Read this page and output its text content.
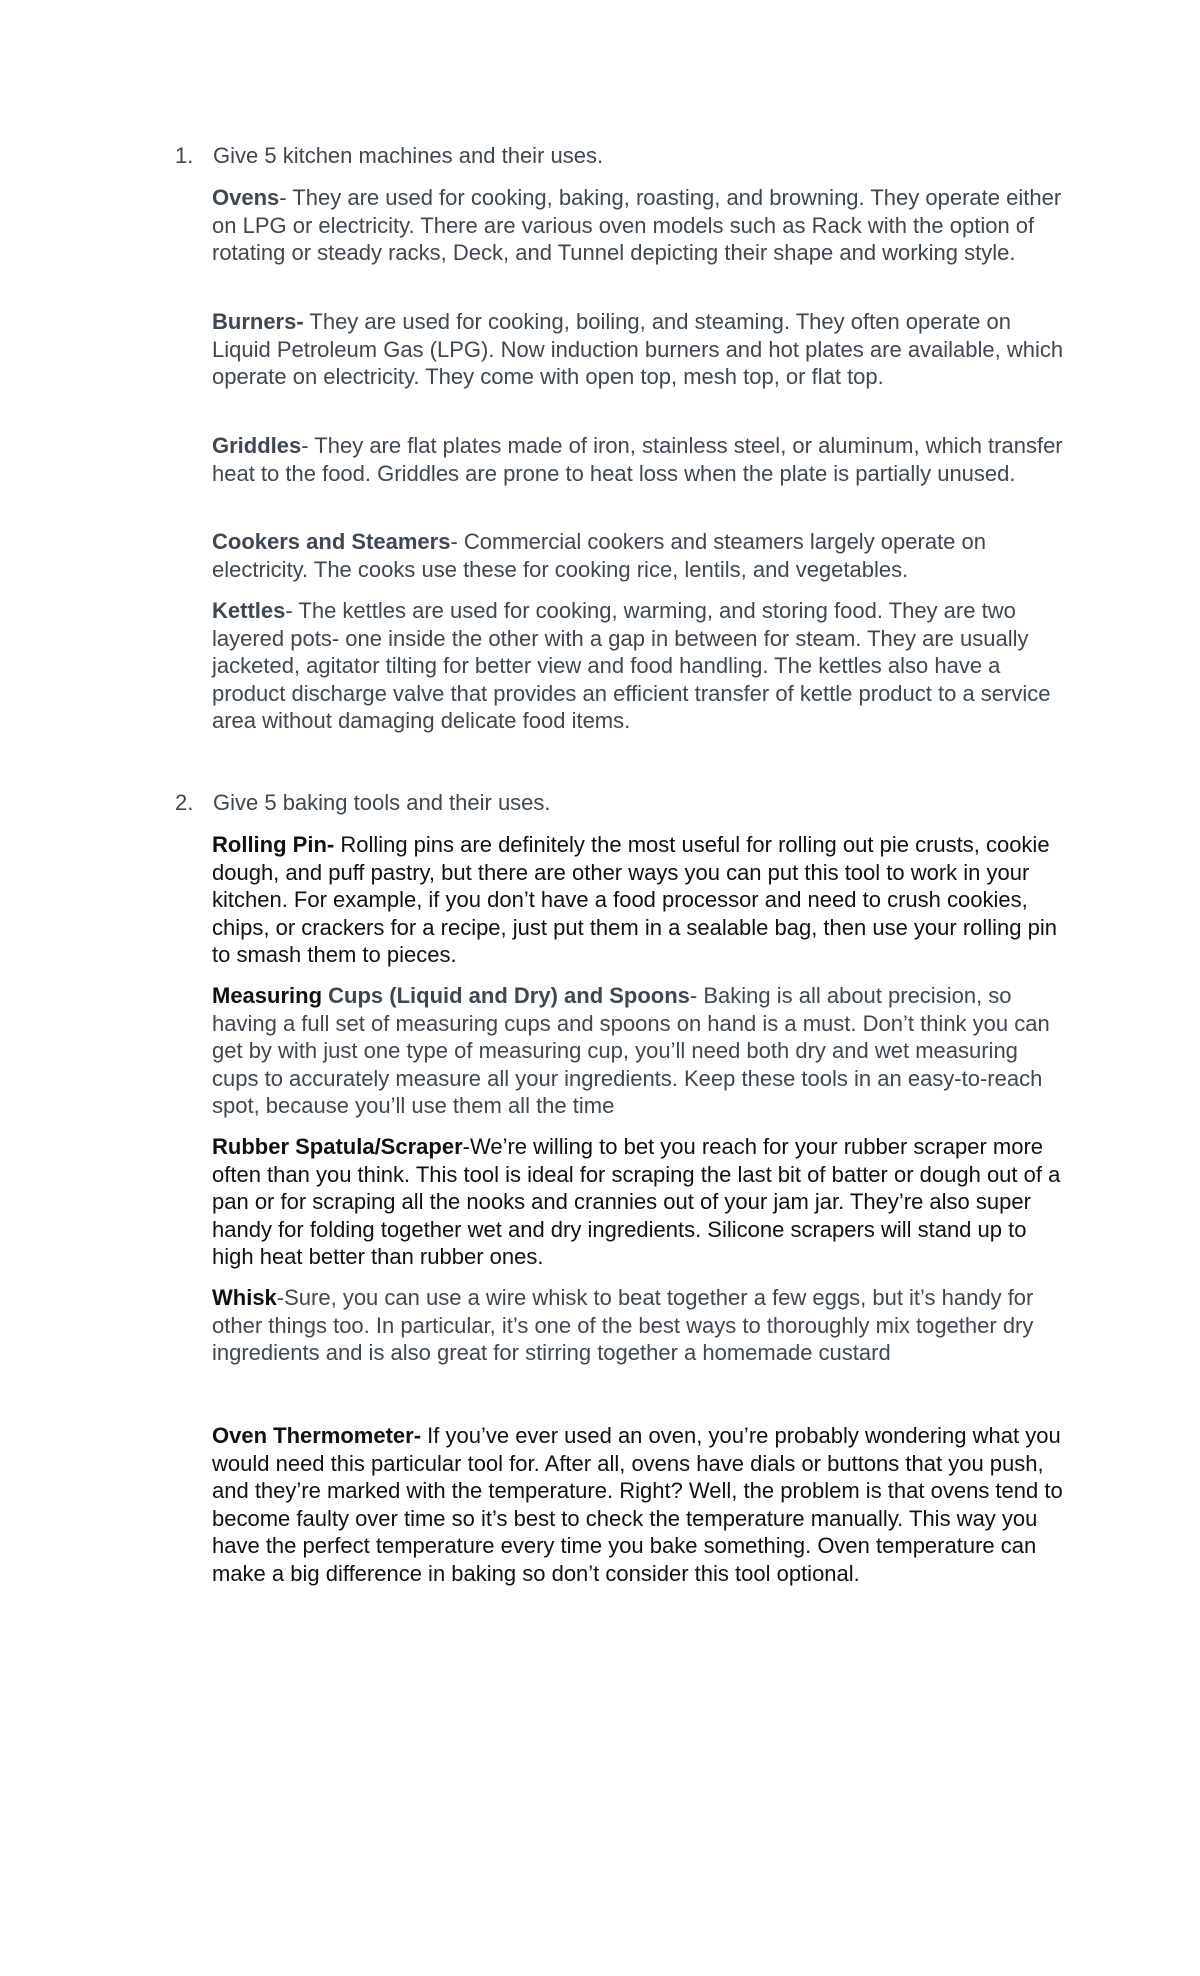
1. Give 5 kitchen machines and their uses.

Ovens- They are used for cooking, baking, roasting, and browning. They operate either on LPG or electricity. There are various oven models such as Rack with the option of rotating or steady racks, Deck, and Tunnel depicting their shape and working style.

Burners- They are used for cooking, boiling, and steaming. They often operate on Liquid Petroleum Gas (LPG). Now induction burners and hot plates are available, which operate on electricity. They come with open top, mesh top, or flat top.

Griddles- They are flat plates made of iron, stainless steel, or aluminum, which transfer heat to the food. Griddles are prone to heat loss when the plate is partially unused.

Cookers and Steamers- Commercial cookers and steamers largely operate on electricity. The cooks use these for cooking rice, lentils, and vegetables.

Kettles- The kettles are used for cooking, warming, and storing food. They are two layered pots- one inside the other with a gap in between for steam. They are usually jacketed, agitator tilting for better view and food handling. The kettles also have a product discharge valve that provides an efficient transfer of kettle product to a service area without damaging delicate food items.

2. Give 5 baking tools and their uses.

Rolling Pin- Rolling pins are definitely the most useful for rolling out pie crusts, cookie dough, and puff pastry, but there are other ways you can put this tool to work in your kitchen. For example, if you don’t have a food processor and need to crush cookies, chips, or crackers for a recipe, just put them in a sealable bag, then use your rolling pin to smash them to pieces.

Measuring Cups (Liquid and Dry) and Spoons- Baking is all about precision, so having a full set of measuring cups and spoons on hand is a must. Don’t think you can get by with just one type of measuring cup, you’ll need both dry and wet measuring cups to accurately measure all your ingredients. Keep these tools in an easy-to-reach spot, because you’ll use them all the time

Rubber Spatula/Scraper-We’re willing to bet you reach for your rubber scraper more often than you think. This tool is ideal for scraping the last bit of batter or dough out of a pan or for scraping all the nooks and crannies out of your jam jar. They’re also super handy for folding together wet and dry ingredients. Silicone scrapers will stand up to high heat better than rubber ones.

Whisk-Sure, you can use a wire whisk to beat together a few eggs, but it’s handy for other things too. In particular, it’s one of the best ways to thoroughly mix together dry ingredients and is also great for stirring together a homemade custard

Oven Thermometer- If you’ve ever used an oven, you’re probably wondering what you would need this particular tool for. After all, ovens have dials or buttons that you push, and they’re marked with the temperature. Right? Well, the problem is that ovens tend to become faulty over time so it’s best to check the temperature manually. This way you have the perfect temperature every time you bake something. Oven temperature can make a big difference in baking so don’t consider this tool optional.
